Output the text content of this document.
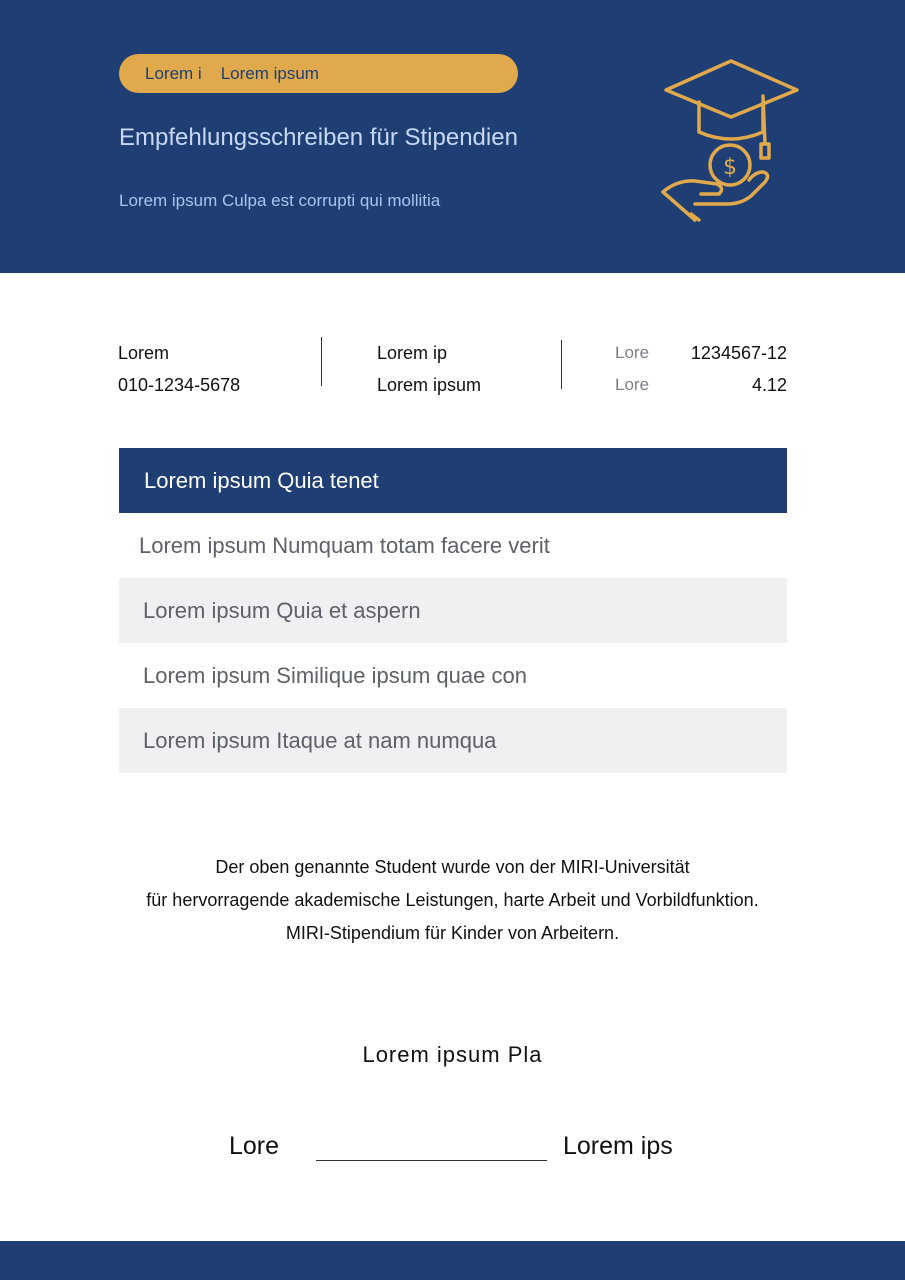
Lorem i Lorem ipsum
Empfehlungsschreiben für Stipendien
Lorem ipsum Culpa est corrupti qui mollitia
$
Lorem
010-1234-5678
Lorem ip
Lorem ipsum
Lore 1234567-12
Lore	4.12
Lorem ipsum Quia tenet
Lorem ipsum Numquam totam facere verit
Lorem ipsum Quia et aspern
Lorem ipsum Similique ipsum quae con
Lorem ipsum Itaque at nam numqua
Der oben genannte Student wurde von der MIRI-Universität
für hervorragende akademische Leistungen, harte Arbeit und Vorbildfunktion.
MIRI-Stipendium für Kinder von Arbeitern.
Lorem ipsum Pla
Lore	Lorem ips
